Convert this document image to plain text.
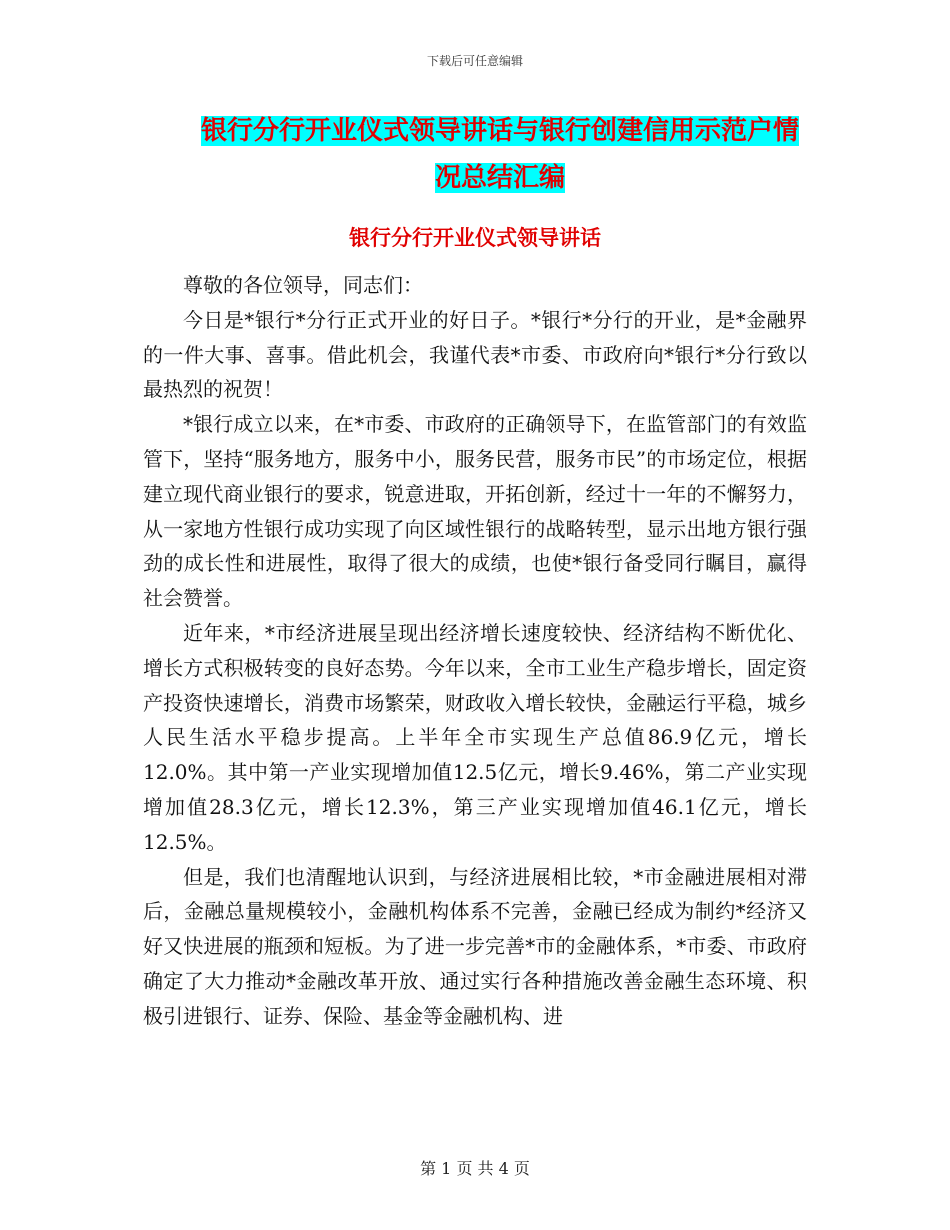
下载后可任意编辑
银行分行开业仪式领导讲话与银行创建信用示范户情
况总结汇编
银行分行开业仪式领导讲话

尊敬的各位领导，同志们：

今日是*银行*分行正式开业的好日子。*银行*分行的开业，是*金融界的一件大事、喜事。借此机会，我谨代表*市委、市政府向*银行*分行致以最热烈的祝贺！

*银行成立以来，在*市委、市政府的正确领导下，在监管部门的有效监管下，坚持“服务地方，服务中小，服务民营，服务市民”的市场定位，根据建立现代商业银行的要求，锐意进取，开拓创新，经过十一年的不懈努力，从一家地方性银行成功实现了向区域性银行的战略转型，显示出地方银行强劲的成长性和进展性，取得了很大的成绩，也使*银行备受同行瞩目，赢得社会赞誉。

近年来，*市经济进展呈现出经济增长速度较快、经济结构不断优化、增长方式积极转变的良好态势。今年以来，全市工业生产稳步增长，固定资产投资快速增长，消费市场繁荣，财政收入增长较快，金融运行平稳，城乡人民生活水平稳步提高。上半年全市实现生产总值86.9亿元，增长12.0%。其中第一产业实现增加值12.5亿元，增长9.46%，第二产业实现增加值28.3亿元，增长12.3%，第三产业实现增加值46.1亿元，增长12.5%。

但是，我们也清醒地认识到，与经济进展相比较，*市金融进展相对滞后，金融总量规模较小，金融机构体系不完善，金融已经成为制约*经济又好又快进展的瓶颈和短板。为了进一步完善*市的金融体系，*市委、市政府确定了大力推动*金融改革开放、通过实行各种措施改善金融生态环境、积极引进银行、证券、保险、基金等金融机构、进

第 1 页 共 4 页
